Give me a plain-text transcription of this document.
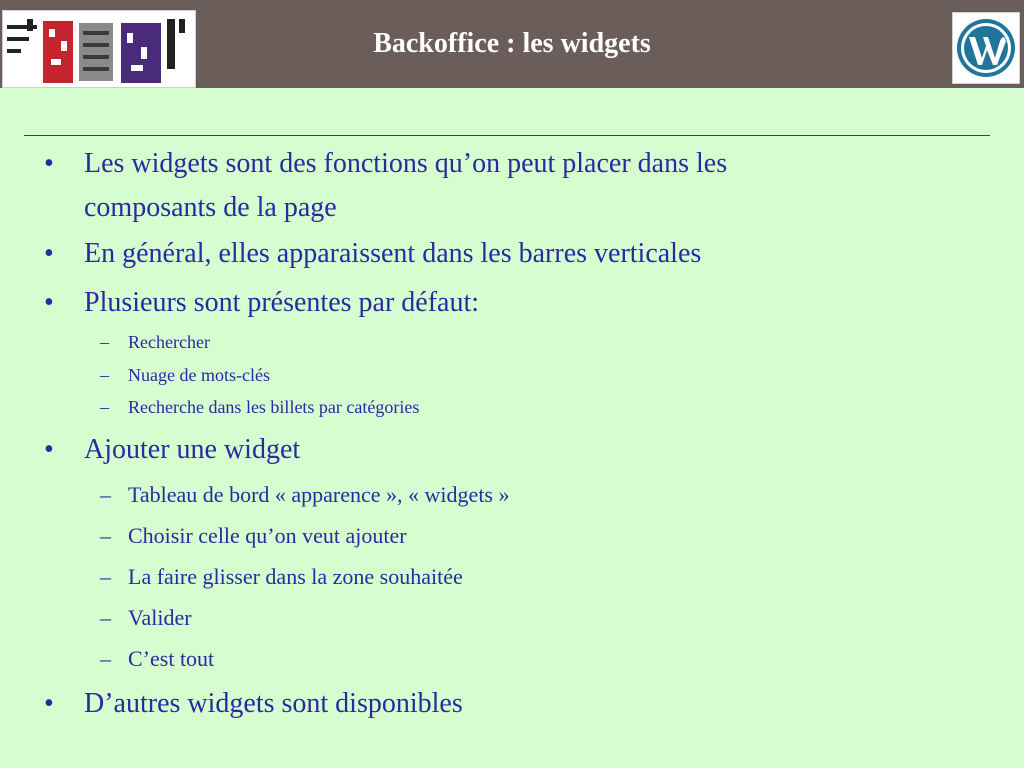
Backoffice : les widgets
• Les widgets sont des fonctions qu’on peut placer dans les
composants de la page
• En général, elles apparaissent dans les barres verticales
• Plusieurs sont présentes par défaut:
– Rechercher
– Nuage de mots-clés
– Recherche dans les billets par catégories
• Ajouter une widget
– Tableau de bord « apparence », « widgets »
– Choisir celle qu’on veut ajouter
– La faire glisser dans la zone souhaitée
– Valider
– C’est tout
• D’autres widgets sont disponibles
